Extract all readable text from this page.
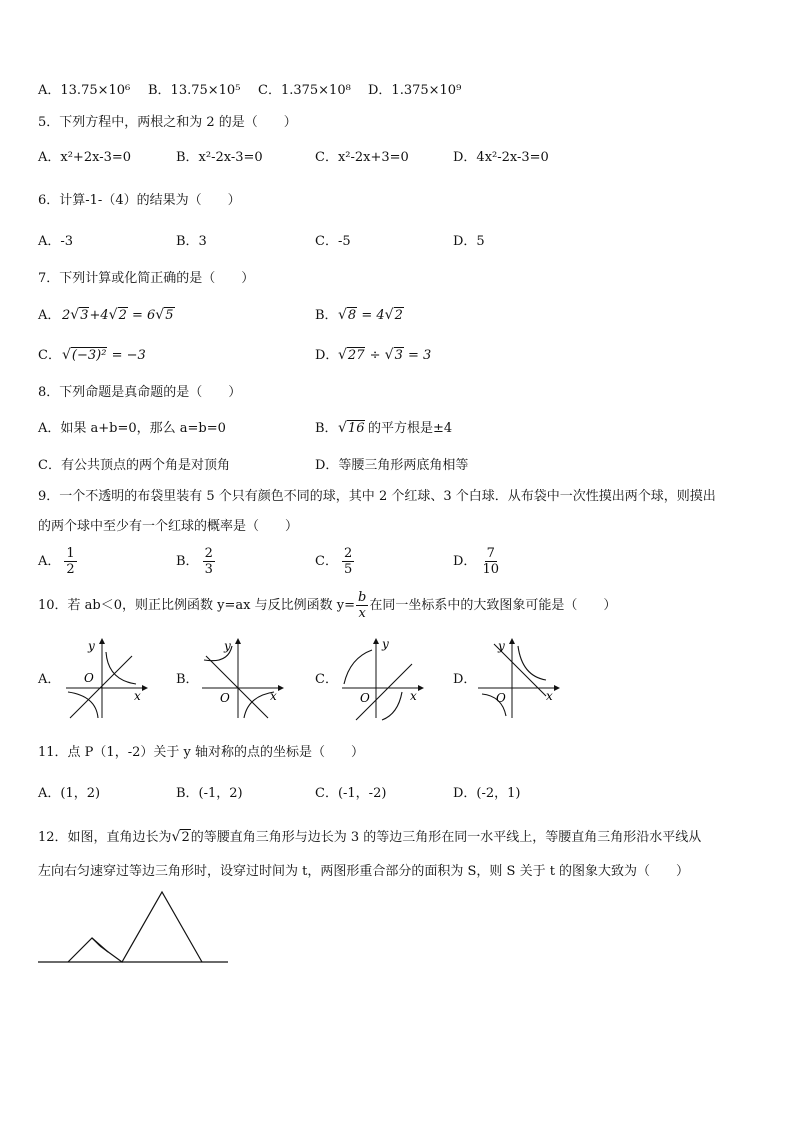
A．13.75×10⁶ B．13.75×10⁵ C．1.375×10⁸ D．1.375×10⁹
5．下列方程中，两根之和为 2 的是（　　）
A．x²+2x-3=0	B．x²-2x-3=0	C．x²-2x+3=0	D．4x²-2x-3=0
6．计算-1-（4）的结果为（　　）
A．-3	B．3	C．-5	D．5
7．下列计算或化简正确的是（　　）
A． 2√3+4√2 = 6√5	B． √8 = 4√2
C． √(−3)² = −3	D． √27 ÷ √3 = 3
8．下列命题是真命题的是（　　）
A．如果 a+b=0，那么 a=b=0	B． √16 的平方根是±4
C．有公共顶点的两个角是对顶角	D．等腰三角形两底角相等
9．一个不透明的布袋里装有 5 个只有颜色不同的球，其中 2 个红球、3 个白球．从布袋中一次性摸出两个球，则摸出
的两个球中至少有一个红球的概率是（　　）
A． $\frac{1}{2}$	B． $\frac{2}{3}$	C． $\frac{2}{5}$	D． $\frac{7}{10}$
10．若 ab＜0，则正比例函数 y=ax 与反比例函数 $y= \frac{b}{x}$ 在同一坐标系中的大致图象可能是（　　）
A．	B．	C．	D．
O
x
y
O	x
y
O	x
y
O	x
y
11．点 P（1，-2）关于 y 轴对称的点的坐标是（　　）
A．(1，2)	B．(-1，2)	C．(-1，-2)	D．(-2，1)
12．如图，直角边长为√2的等腰直角三角形与边长为 3 的等边三角形在同一水平线上，等腰直角三角形沿水平线从
左向右匀速穿过等边三角形时，设穿过时间为 t，两图形重合部分的面积为 S，则 S 关于 t 的图象大致为（　　）
